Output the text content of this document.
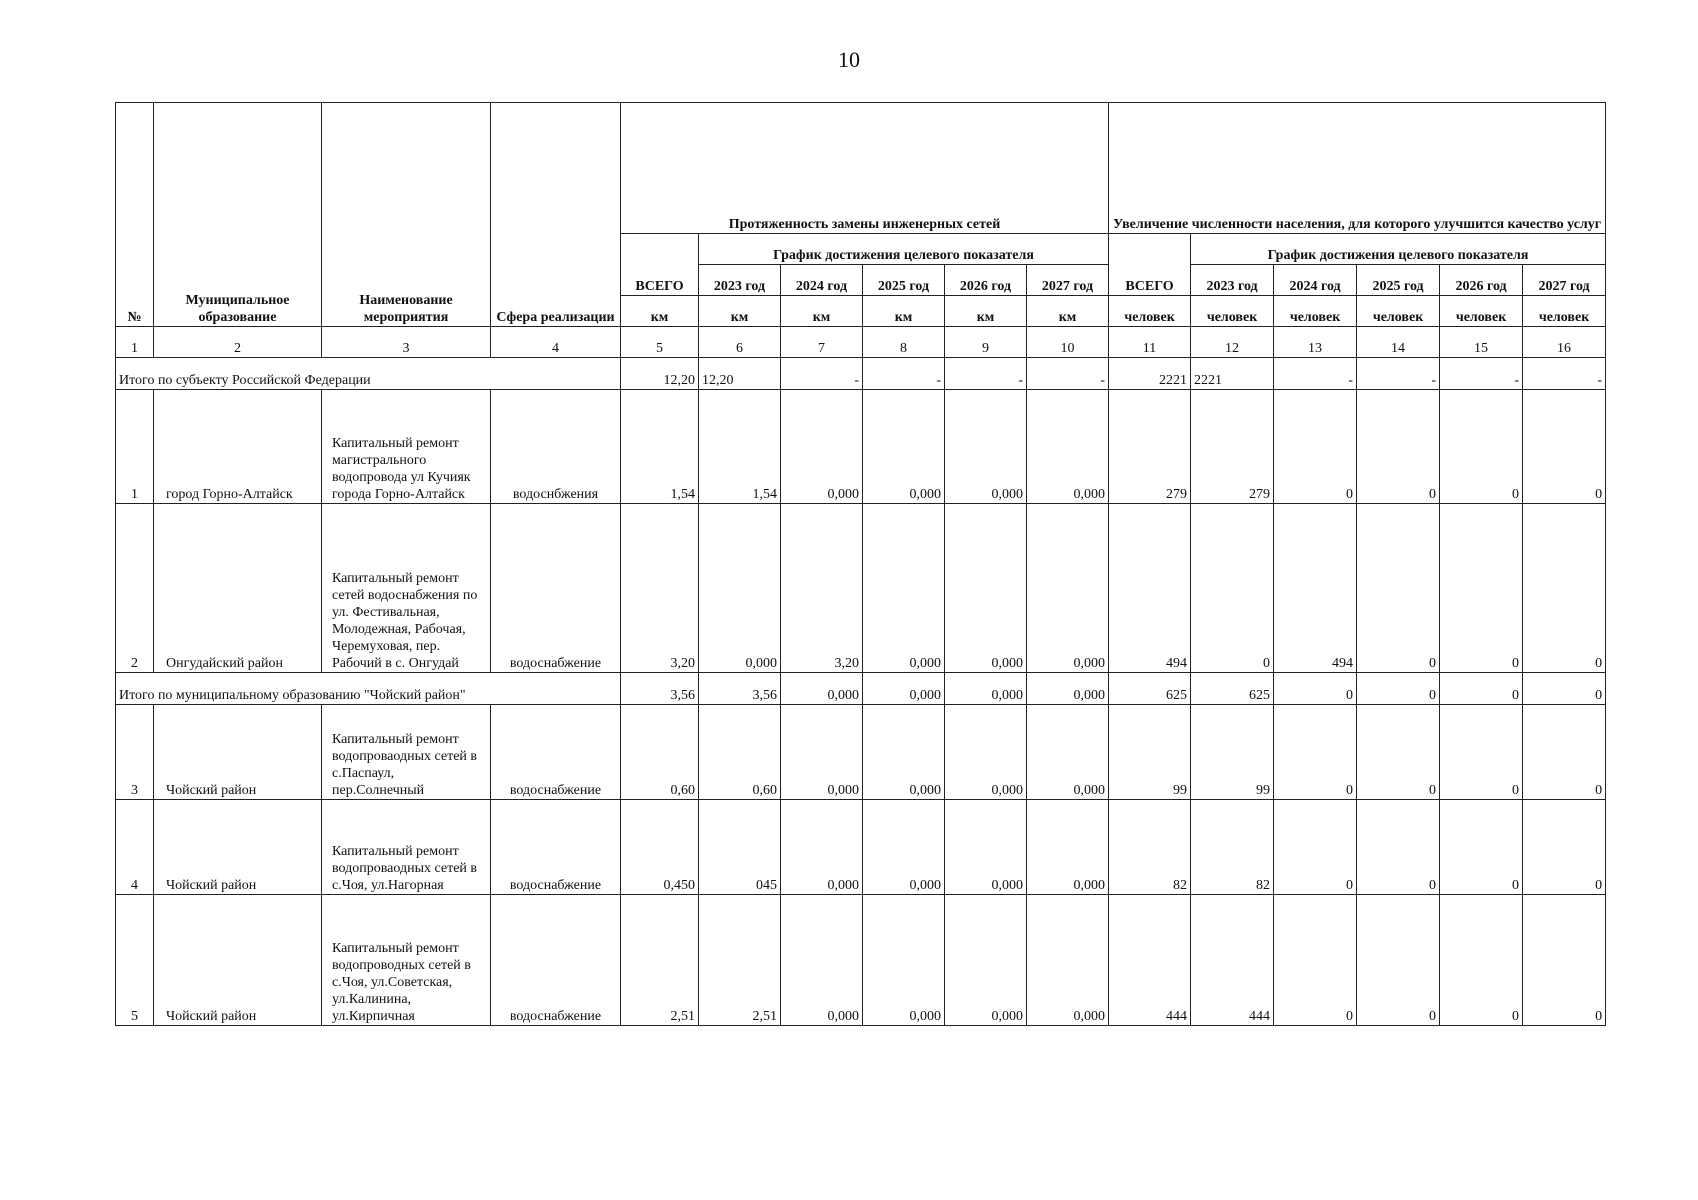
10
№	Муниципальное образование	Наименование мероприятия	Сфера реализации	Протяженность замены инженерных сетей						Увеличение численности населения, для которого улучшится качество услуг					
				ВСЕГО	График достижения целевого показателя					ВСЕГО	График достижения целевого показателя				
					2023 год	2024 год	2025 год	2026 год	2027 год		2023 год	2024 год	2025 год	2026 год	2027 год
				км	км	км	км	км	км	человек	человек	человек	человек	человек	человек
1	2	3	4	5	6	7	8	9	10	11	12	13	14	15	16
Итого по субъекту Российской Федерации				12,20	12,20	-	-	-	-	2221	2221	-	-	-	-
1	город Горно-Алтайск	Капитальный ремонт магистрального водопровода ул Кучияк города Горно-Алтайск	водоснбжения	1,54	1,54	0,000	0,000	0,000	0,000	279	279	0	0	0	0
2	Онгудайский район	Капитальный ремонт сетей водоснабжения по ул. Фестивальная, Молодежная, Рабочая, Черемуховая, пер. Рабочий в с. Онгудай	водоснабжение	3,20	0,000	3,20	0,000	0,000	0,000	494	0	494	0	0	0
Итого по муниципальному образованию "Чойский район"				3,56	3,56	0,000	0,000	0,000	0,000	625	625	0	0	0	0
3	Чойский район	Капитальный ремонт водопроваодных сетей в с.Паспаул, пер.Солнечный	водоснабжение	0,60	0,60	0,000	0,000	0,000	0,000	99	99	0	0	0	0
4	Чойский район	Капитальный ремонт водопроваодных сетей в с.Чоя, ул.Нагорная	водоснабжение	0,450	045	0,000	0,000	0,000	0,000	82	82	0	0	0	0
5	Чойский район	Капитальный ремонт водопроводных сетей в с.Чоя, ул.Советская, ул.Калинина, ул.Кирпичная	водоснабжение	2,51	2,51	0,000	0,000	0,000	0,000	444	444	0	0	0	0
